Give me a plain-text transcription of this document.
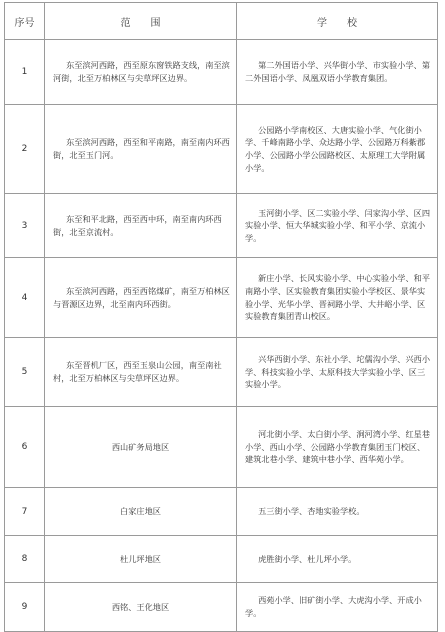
序号	范围	学校
1	东至滨河西路，西至原东窗铁路支线，南至滨河街，北至万柏林区与尖草坪区边界。	第二外国语小学、兴华街小学、市实验小学、第二外国语小学、凤凰双语小学教育集团。

2	东至滨河西路，西至和平南路，南至南内环西街，北至玉门河。	公园路小学南校区、大唐实验小学、气化街小学、千峰南路小学、众达路小学、公园路万科紫郡小学、公园路小学公园路校区、太原理工大学附属小学。

3	东至和平北路，西至西中环，南至南内环西街，北至京流村。	玉河街小学、区二实验小学、闫家沟小学、区四实验小学、恒大华城实验小学、和平小学、京流小学。

4	东至滨河西路，西至西铭煤矿，南至万柏林区与晋源区边界，北至南内环西街。	新庄小学、长风实验小学、中心实验小学、和平南路小学、区实验教育集团实验小学校区、景华实验小学、光华小学、晋祠路小学、大井峪小学、区实验教育集团青山校区。

5	东至晋机厂区，西至玉泉山公园，南至南社村，北至万柏林区与尖草坪区边界。	兴华西街小学、东社小学、坨儒沟小学、兴西小学、科技实验小学、太原科技大学实验小学、区三实验小学。

6	西山矿务局地区	河北街小学、太白街小学、涧河湾小学、红星巷小学、西山小学、公园路小学教育集团玉门校区、建筑北巷小学、建筑中巷小学、西华苑小学。

7	白家庄地区	五三街小学、杏地实验学校。

8	杜儿坪地区	虎胜街小学、杜儿坪小学。

9	西铭、王化地区	西苑小学、旧矿街小学、大虎沟小学、开成小学。
